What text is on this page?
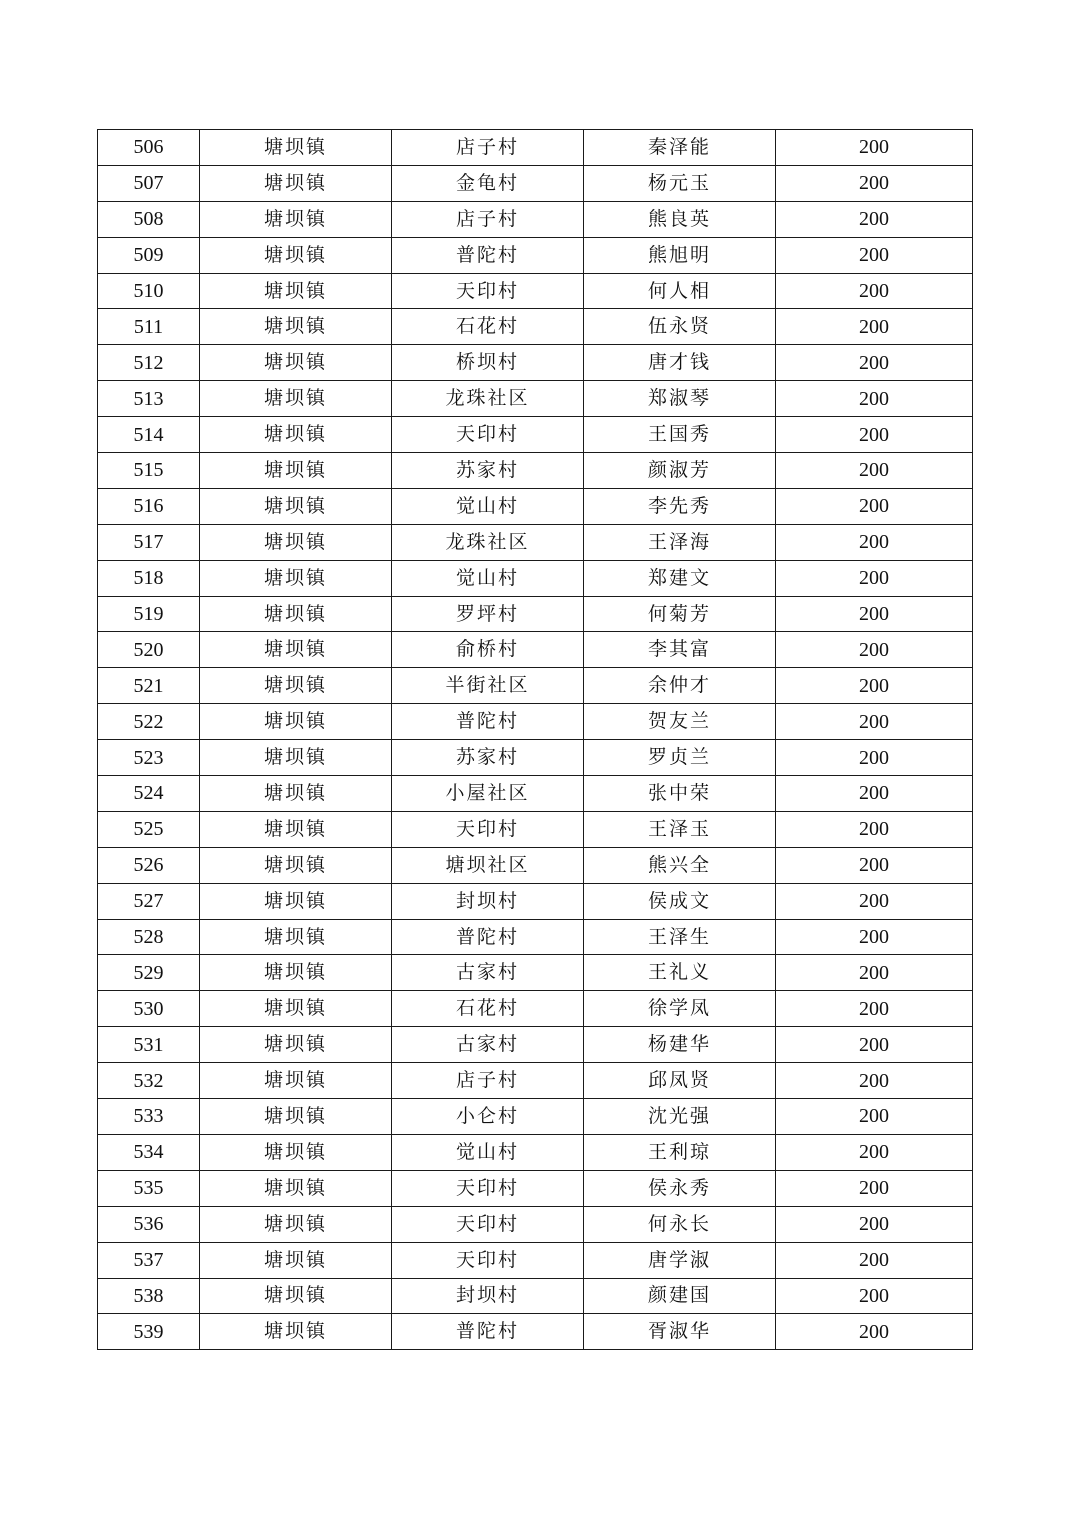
506	塘坝镇	店子村	秦泽能	200
507	塘坝镇	金龟村	杨元玉	200
508	塘坝镇	店子村	熊良英	200
509	塘坝镇	普陀村	熊旭明	200
510	塘坝镇	天印村	何人相	200
511	塘坝镇	石花村	伍永贤	200
512	塘坝镇	桥坝村	唐才钱	200
513	塘坝镇	龙珠社区	郑淑琴	200
514	塘坝镇	天印村	王国秀	200
515	塘坝镇	苏家村	颜淑芳	200
516	塘坝镇	觉山村	李先秀	200
517	塘坝镇	龙珠社区	王泽海	200
518	塘坝镇	觉山村	郑建文	200
519	塘坝镇	罗坪村	何菊芳	200
520	塘坝镇	俞桥村	李其富	200
521	塘坝镇	半街社区	余仲才	200
522	塘坝镇	普陀村	贺友兰	200
523	塘坝镇	苏家村	罗贞兰	200
524	塘坝镇	小屋社区	张中荣	200
525	塘坝镇	天印村	王泽玉	200
526	塘坝镇	塘坝社区	熊兴全	200
527	塘坝镇	封坝村	侯成文	200
528	塘坝镇	普陀村	王泽生	200
529	塘坝镇	古家村	王礼义	200
530	塘坝镇	石花村	徐学凤	200
531	塘坝镇	古家村	杨建华	200
532	塘坝镇	店子村	邱凤贤	200
533	塘坝镇	小仑村	沈光强	200
534	塘坝镇	觉山村	王利琼	200
535	塘坝镇	天印村	侯永秀	200
536	塘坝镇	天印村	何永长	200
537	塘坝镇	天印村	唐学淑	200
538	塘坝镇	封坝村	颜建国	200
539	塘坝镇	普陀村	胥淑华	200
